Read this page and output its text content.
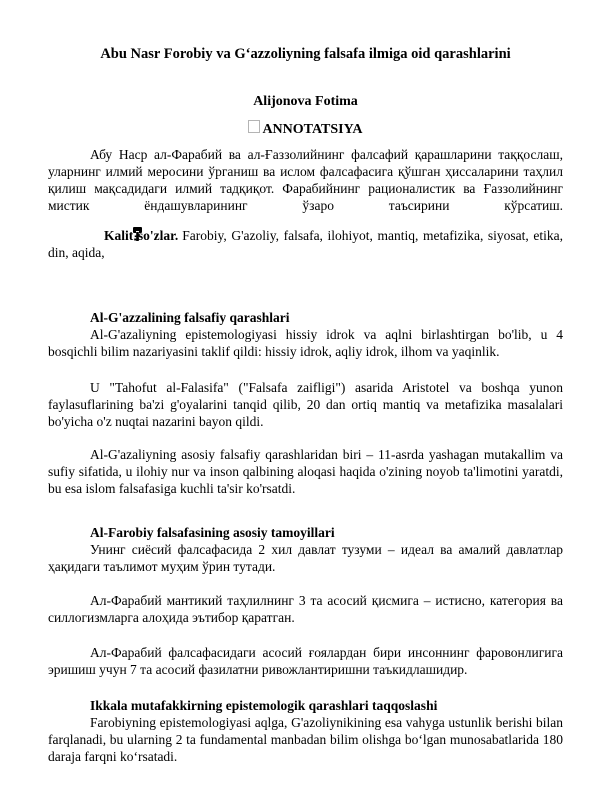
Abu Nasr Forobiy va Gʻazzoliyning falsafa ilmiga oid qarashlarini

Alijonova Fotima

ANNOTATSIYA

Абу Наср ал-Фарабий ва ал-Ғаззолийнинг фалсафий қарашларини таққослаш, уларнинг илмий меросини ўрганиш ва ислом фалсафасига қўшган ҳиссаларини таҳлил қилиш мақсадидаги илмий тадқиқот. Фарабийнинг рационалистик ва Ғаззолийнинг мистик ёндашувларининг ўзаро таъсирини кўрсатиш.

Kalit so'zlar. Farobiy, G'azoliy, falsafa, ilohiyot, mantiq, metafizika, siyosat, etika, din, aqida,

Al-G'azzalining falsafiy qarashlari

Al-G'azaliyning epistemologiyasi hissiy idrok va aqlni birlashtirgan bo'lib, u 4 bosqichli bilim nazariyasini taklif qildi: hissiy idrok, aqliy idrok, ilhom va yaqinlik.

U "Tahofut al-Falasifa" ("Falsafa zaifligi") asarida Aristotel va boshqa yunon faylasuflarining ba'zi g'oyalarini tanqid qilib, 20 dan ortiq mantiq va metafizika masalalari bo'yicha o'z nuqtai nazarini bayon qildi.

Al-G'azaliyning asosiy falsafiy qarashlaridan biri – 11-asrda yashagan mutakallim va sufiy sifatida, u ilohiy nur va inson qalbining aloqasi haqida o'zining noyob ta'limotini yaratdi, bu esa islom falsafasiga kuchli ta'sir ko'rsatdi.

Al-Farobiy falsafasining asosiy tamoyillari

Унинг сиёсий фалсафасида 2 хил давлат тузуми – идеал ва амалий давлатлар ҳақидаги таълимот муҳим ўрин тутади.

Ал-Фарабий мантикий таҳлилнинг 3 та асосий қисмига – истисно, категория ва силлогизмларга алоҳида эътибор қаратган.

Ал-Фарабий фалсафасидаги асосий ғоялардан бири инсоннинг фаровонлигига эришиш учун 7 та асосий фазилатни ривожлантиришни таъкидлашидир.

Ikkala mutafakkirning epistemologik qarashlari taqqoslashi

Farobiyning epistemologiyasi aqlga, G'azoliynikining esa vahyga ustunlik berishi bilan farqlanadi, bu ularning 2 ta fundamental manbadan bilim olishga boʻlgan munosabatlarida 180 daraja farqni koʻrsatadi.
